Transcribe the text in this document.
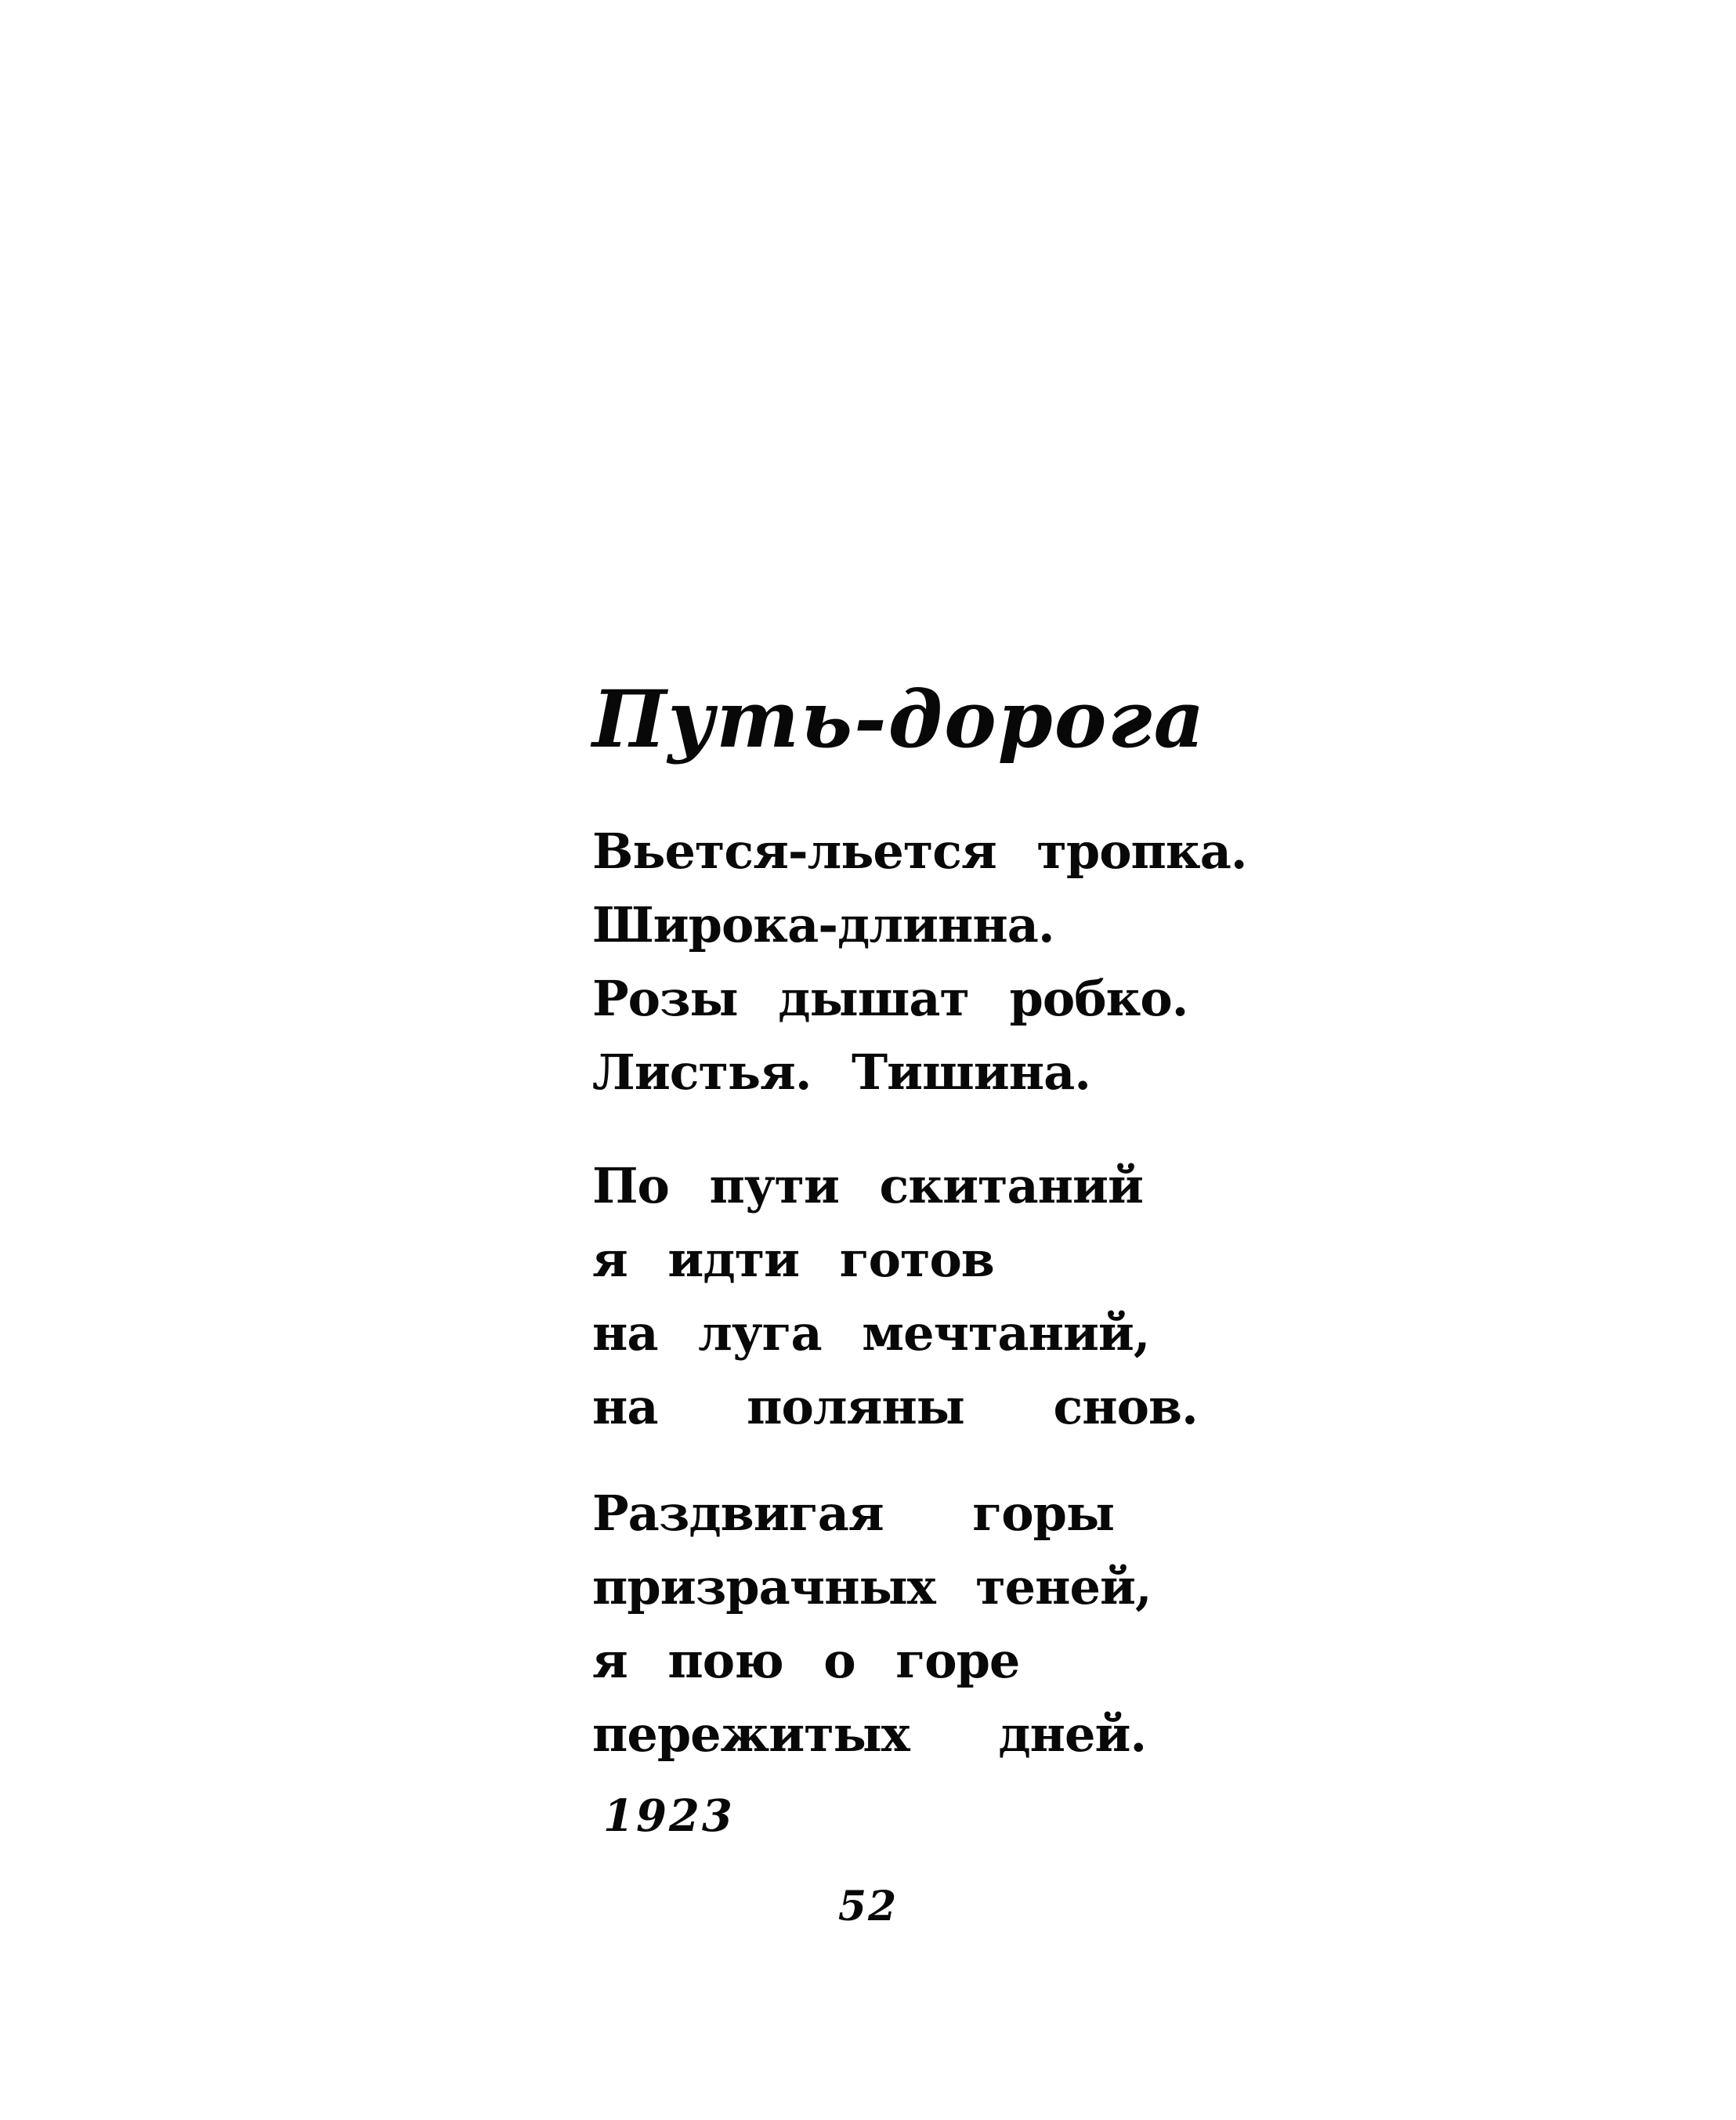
Путь-дорога

Вьется-льется тропка.

Широка-длинна.

Розы дышат робко.

Листья. Тишина.

По пути скитаний

я идти готов

на луга мечтаний,

на поляны снов.

Раздвигая горы

призрачных теней,

я пою о горе

пережитых дней.

1923
52
